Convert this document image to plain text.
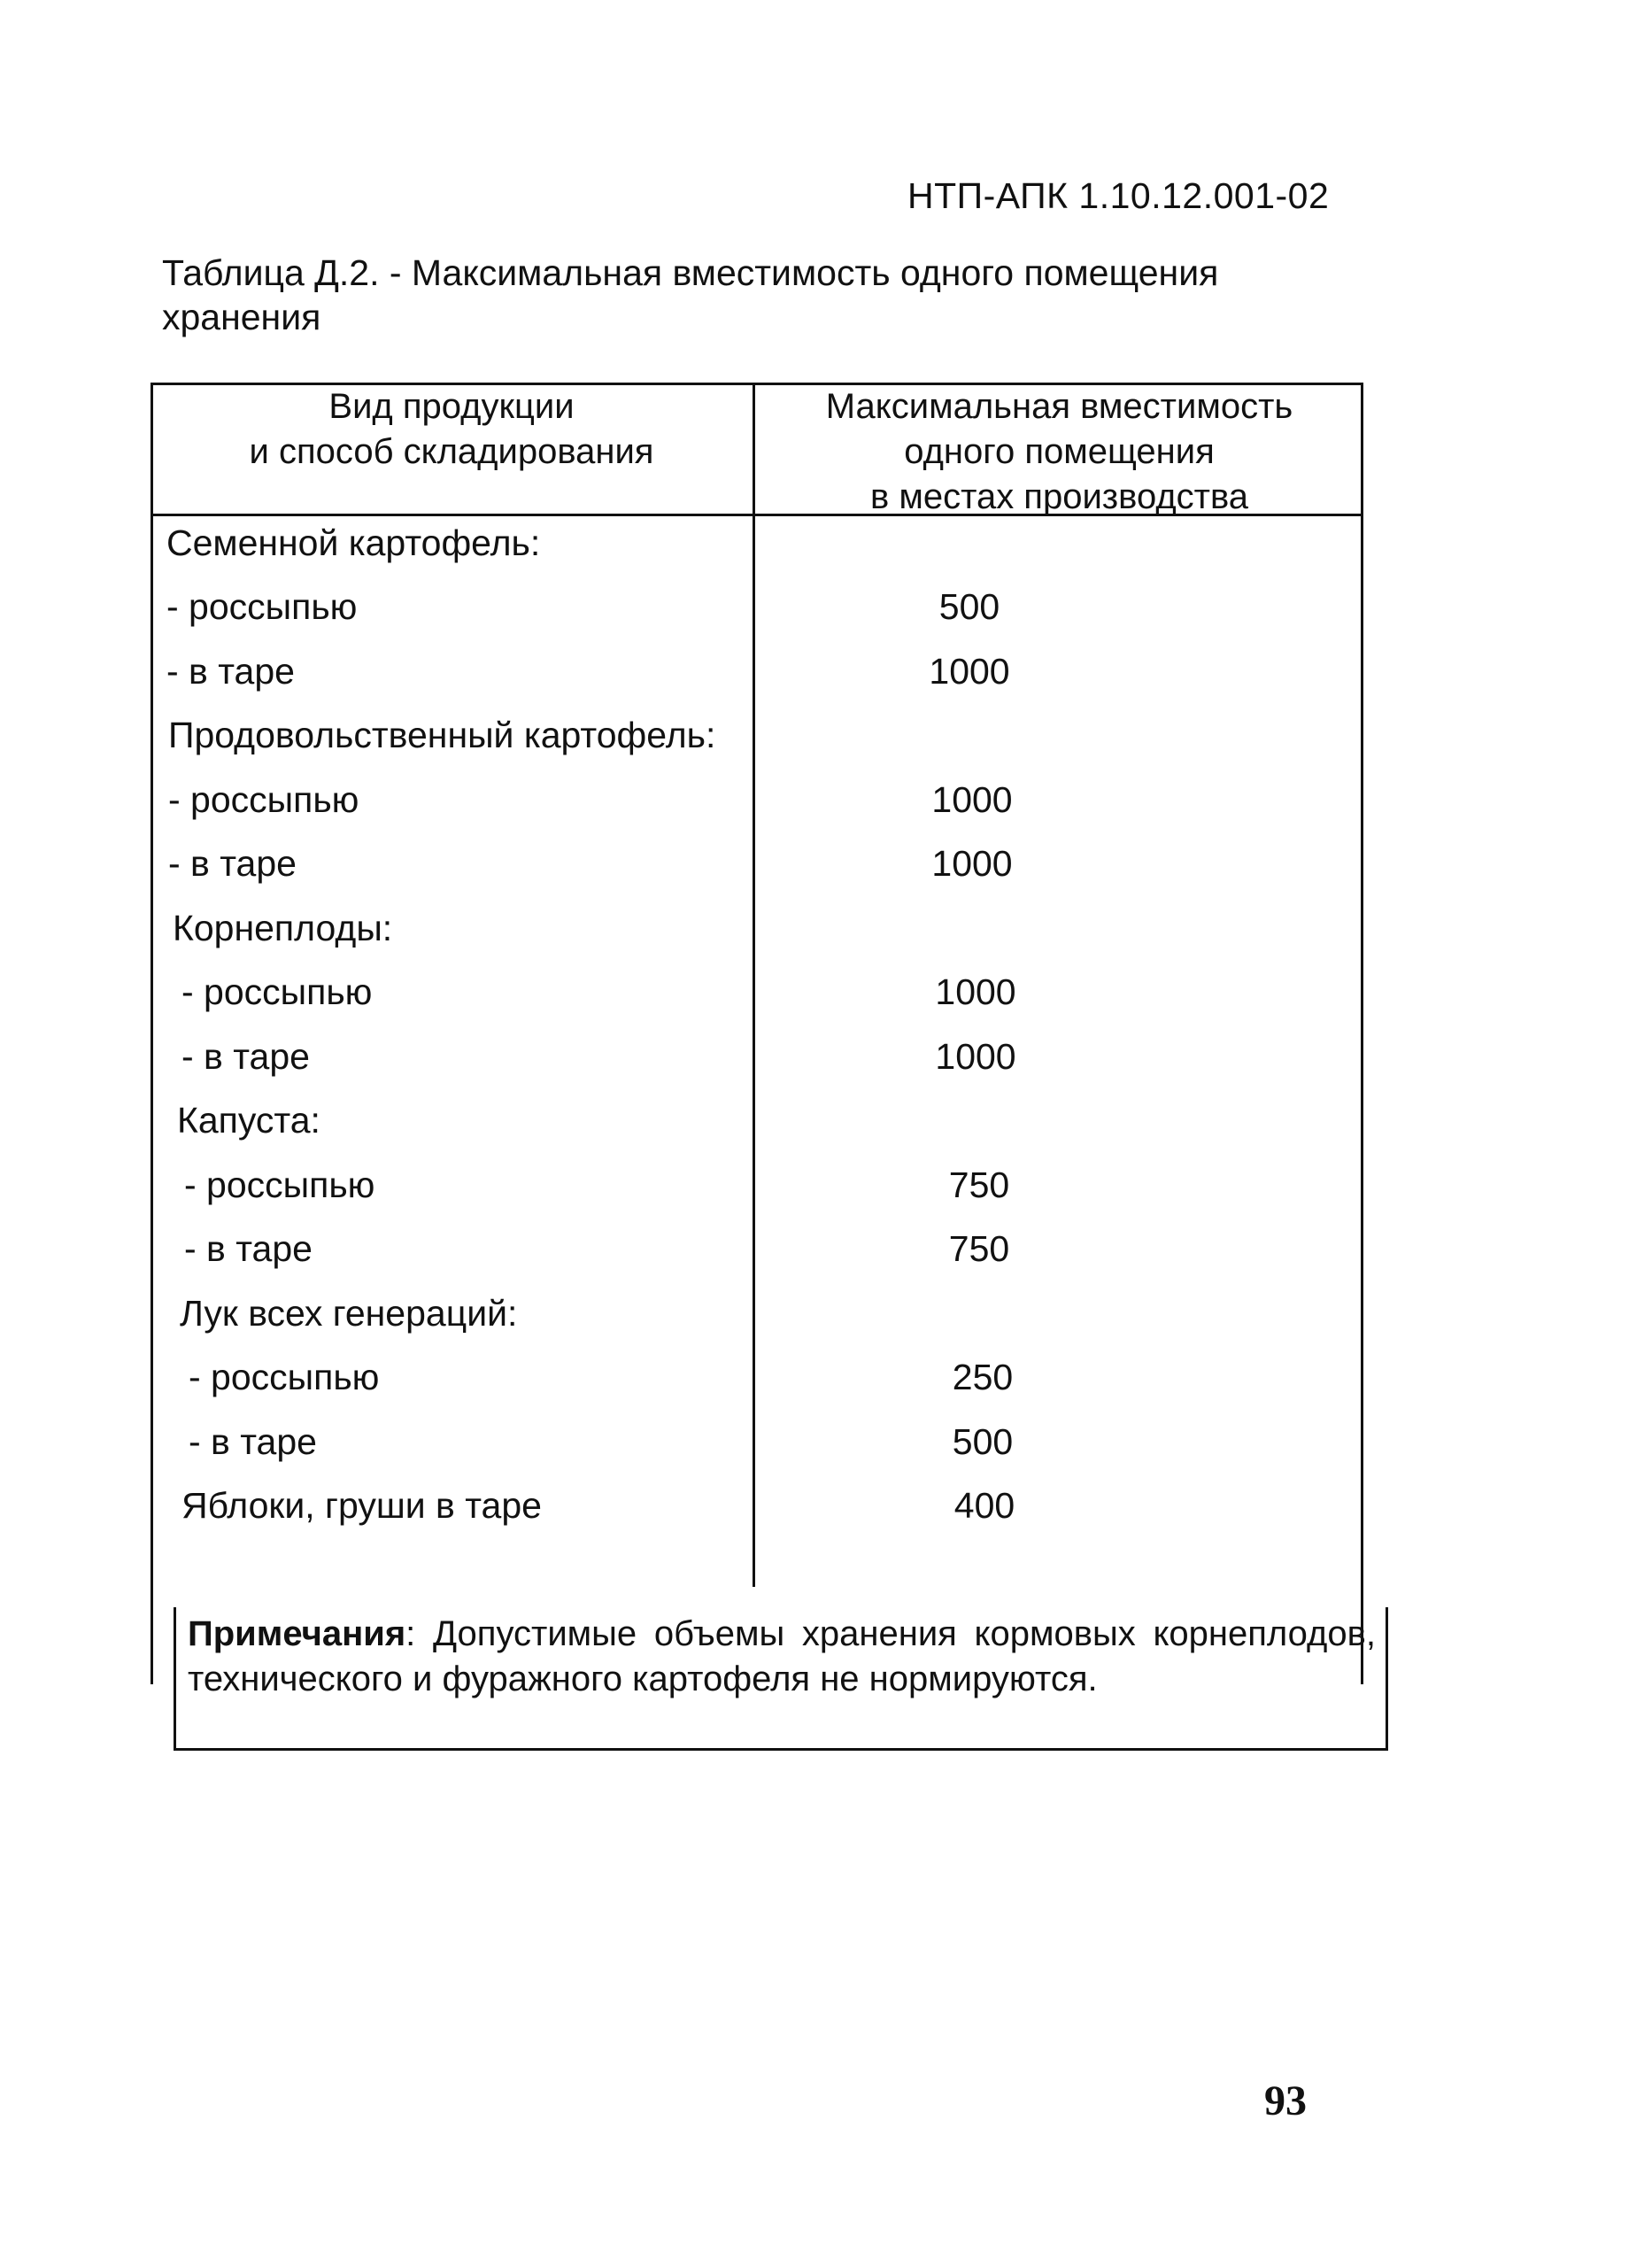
НТП-АПК 1.10.12.001-02
Таблица Д.2. - Максимальная вместимость одного помещения хранения
Вид продукции
и способ складирования
Максимальная вместимость
одного помещения
в местах производства
Семенной картофель:
- россыпью	500
- в таре	1000
Продовольственный картофель:
- россыпью	1000
- в таре	1000
Корнеплоды:
- россыпью	1000
- в таре	1000
Капуста:
- россыпью	750
- в таре	750
Лук всех генераций:
- россыпью	250
- в таре	500
Яблоки, груши в таре	400
Примечания: Допустимые объемы хранения кормовых корнеплодов, технического и фуражного картофеля не нормируются.
93
